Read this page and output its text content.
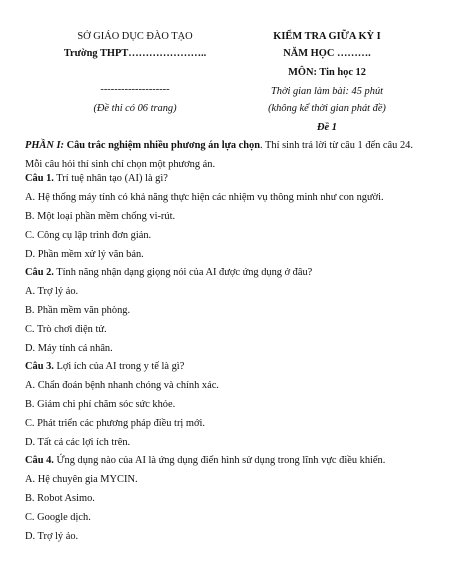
SỞ GIÁO DỤC ĐÀO TẠO
Trường THPT…………………..
--------------------
(Đề thi có 06 trang)
KIỂM TRA GIỮA KỲ I
NĂM HỌC ……….
MÔN: Tin học 12
Thời gian làm bài: 45 phút
(không kể thời gian phát đề)
Đề 1
PHẦN I: Câu trắc nghiệm nhiều phương án lựa chọn. Thí sinh trả lời từ câu 1 đến câu 24. Mỗi câu hỏi thí sinh chỉ chọn một phương án.
Câu 1. Trí tuệ nhân tạo (AI) là gì?
A. Hệ thống máy tính có khả năng thực hiện các nhiệm vụ thông minh như con người.
B. Một loại phần mềm chống vi-rút.
C. Công cụ lập trình đơn giản.
D. Phần mềm xử lý văn bản.
Câu 2. Tính năng nhận dạng giọng nói của AI được ứng dụng ở đâu?
A. Trợ lý ảo.
B. Phần mềm văn phòng.
C. Trò chơi điện tử.
D. Máy tính cá nhân.
Câu 3. Lợi ích của AI trong y tế là gì?
A. Chẩn đoán bệnh nhanh chóng và chính xác.
B. Giảm chi phí chăm sóc sức khỏe.
C. Phát triển các phương pháp điều trị mới.
D. Tất cả các lợi ích trên.
Câu 4. Ứng dụng nào của AI là ứng dụng điển hình sử dụng trong lĩnh vực điều khiển.
A. Hệ chuyên gia MYCIN.
B. Robot Asimo.
C. Google dịch.
D. Trợ lý ảo.
